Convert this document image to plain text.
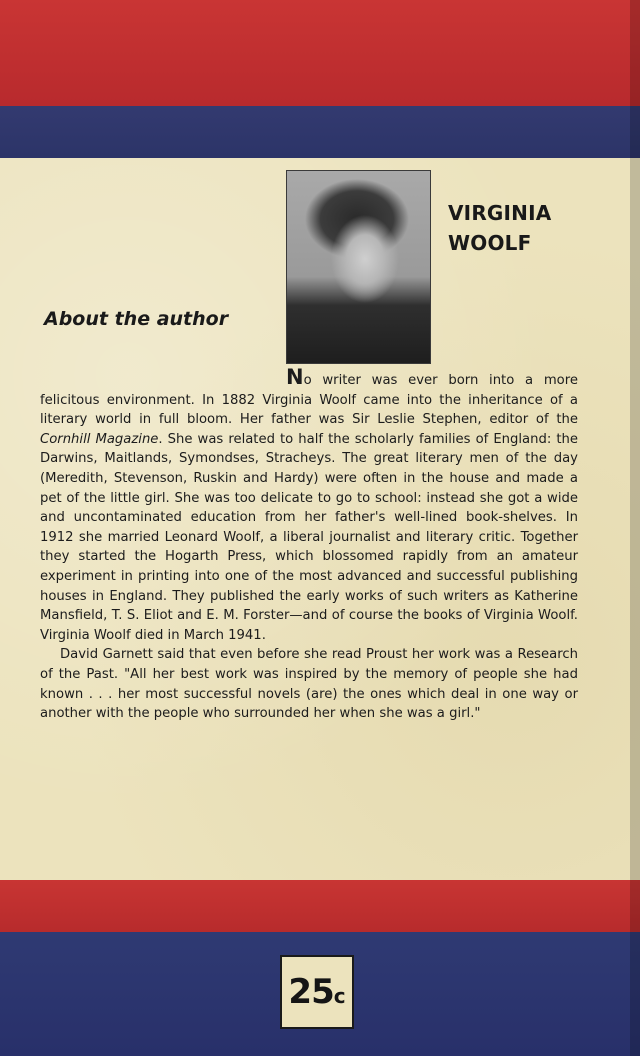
VIRGINIA
WOOLF
About the author

No writer was ever born into a more felicitous environment. In 1882 Virginia Woolf came into the inheritance of a literary world in full bloom. Her father was Sir Leslie Stephen, editor of the Cornhill Magazine. She was related to half the scholarly families of England: the Darwins, Maitlands, Symondses, Stracheys. The great literary men of the day (Meredith, Stevenson, Ruskin and Hardy) were often in the house and made a pet of the little girl. She was too delicate to go to school: instead she got a wide and uncontaminated education from her father's well-lined book-shelves. In 1912 she married Leonard Woolf, a liberal journalist and literary critic. Together they started the Hogarth Press, which blossomed rapidly from an amateur experiment in printing into one of the most advanced and successful publishing houses in England. They published the early works of such writers as Katherine Mansfield, T. S. Eliot and E. M. Forster—and of course the books of Virginia Woolf. Virginia Woolf died in March 1941.

David Garnett said that even before she read Proust her work was a Research of the Past. "All her best work was inspired by the memory of people she had known . . . her most successful novels (are) the ones which deal in one way or another with the people who surrounded her when she was a girl."

25 c
